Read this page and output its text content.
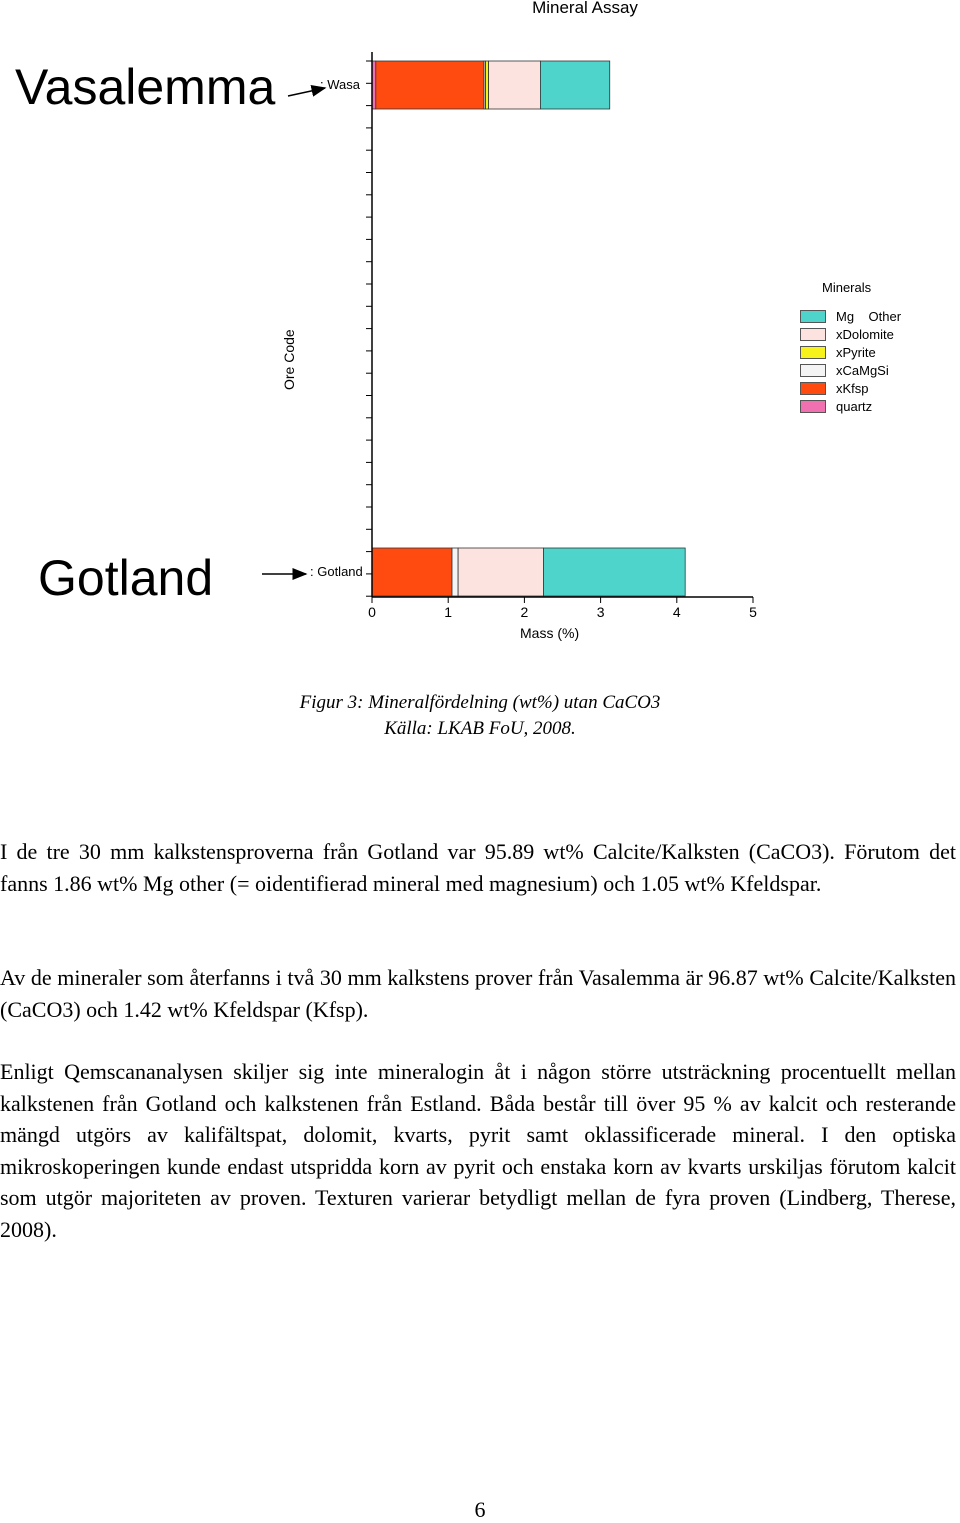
Mineral Assay
Vasalemma
Gotland
Ore Code
Mass (%)
: Wasa
: Gotland
0	1	2	3	4	5
Minerals
Mg    Other
xDolomite
xPyrite
xCaMgSi
xKfsp
quartz
Figur 3: Mineralfördelning (wt%) utan CaCO3
Källa: LKAB FoU, 2008.

I de tre 30 mm kalkstensproverna från Gotland var 95.89 wt% Calcite/Kalksten (CaCO3). Förutom det fanns 1.86 wt% Mg other (= oidentifierad mineral med magnesium) och 1.05 wt% Kfeldspar.

Av de mineraler som återfanns i två 30 mm kalkstens prover från Vasalemma är 96.87 wt% Calcite/Kalksten (CaCO3) och 1.42 wt% Kfeldspar (Kfsp).

Enligt Qemscananalysen skiljer sig inte mineralogin åt i någon större utsträckning procentuellt mellan kalkstenen från Gotland och kalkstenen från Estland. Båda består till över 95 % av kalcit och resterande mängd utgörs av kalifältspat, dolomit, kvarts, pyrit samt oklassificerade mineral. I den optiska mikroskoperingen kunde endast utspridda korn av pyrit och enstaka korn av kvarts urskiljas förutom kalcit som utgör majoriteten av proven. Texturen varierar betydligt mellan de fyra proven (Lindberg, Therese, 2008).

6
